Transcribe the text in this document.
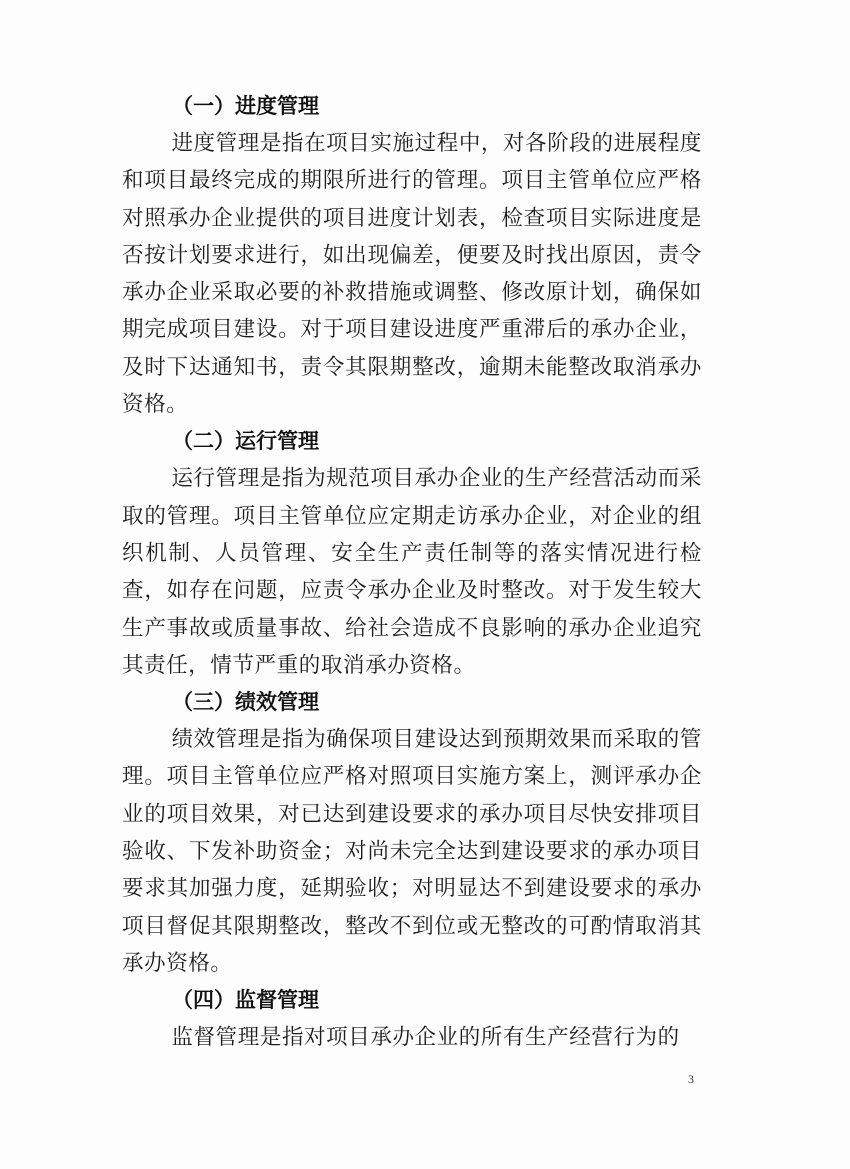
（一）进度管理

进度管理是指在项目实施过程中，对各阶段的进展程度和项目最终完成的期限所进行的管理。项目主管单位应严格对照承办企业提供的项目进度计划表，检查项目实际进度是否按计划要求进行，如出现偏差，便要及时找出原因，责令承办企业采取必要的补救措施或调整、修改原计划，确保如期完成项目建设。对于项目建设进度严重滞后的承办企业，及时下达通知书，责令其限期整改，逾期未能整改取消承办资格。

（二）运行管理

运行管理是指为规范项目承办企业的生产经营活动而采取的管理。项目主管单位应定期走访承办企业，对企业的组织机制、人员管理、安全生产责任制等的落实情况进行检查，如存在问题，应责令承办企业及时整改。对于发生较大生产事故或质量事故、给社会造成不良影响的承办企业追究其责任，情节严重的取消承办资格。

（三）绩效管理

绩效管理是指为确保项目建设达到预期效果而采取的管理。项目主管单位应严格对照项目实施方案上，测评承办企业的项目效果，对已达到建设要求的承办项目尽快安排项目验收、下发补助资金；对尚未完全达到建设要求的承办项目要求其加强力度，延期验收；对明显达不到建设要求的承办项目督促其限期整改，整改不到位或无整改的可酌情取消其承办资格。

（四）监督管理

监督管理是指对项目承办企业的所有生产经营行为的

3
